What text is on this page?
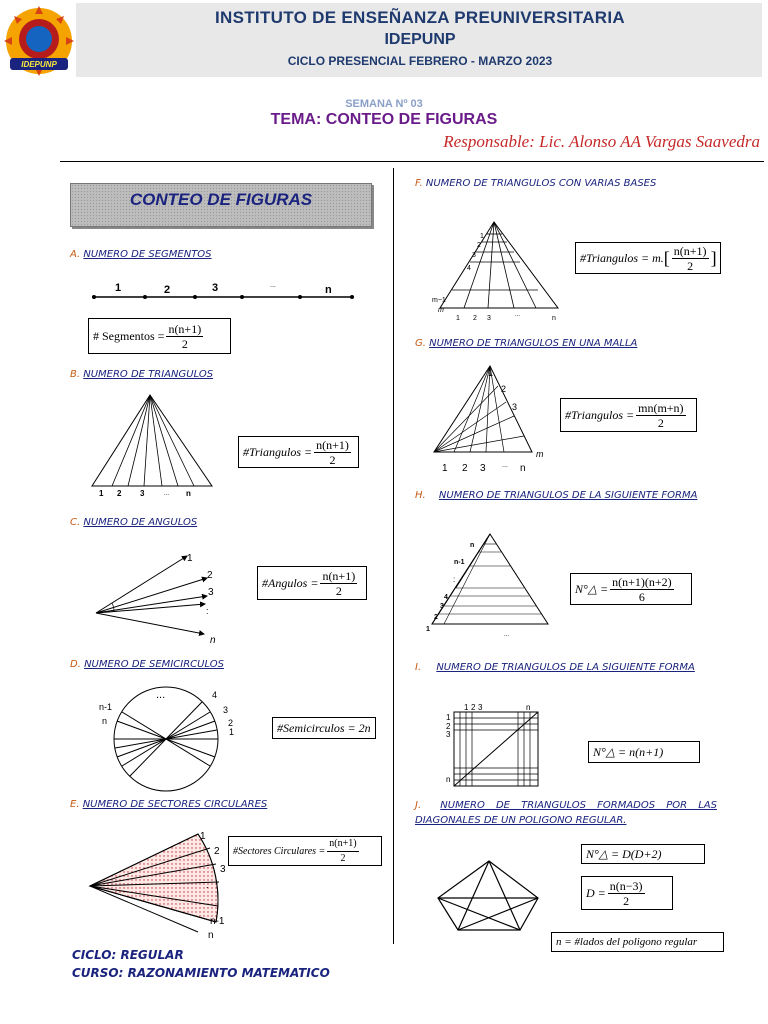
IDEPUNP
INSTITUTO DE ENSEÑANZA PREUNIVERSITARIA
IDEPUNP
CICLO PRESENCIAL FEBRERO - MARZO 2023
SEMANA Nº 03
TEMA: CONTEO DE FIGURAS
Responsable: Lic. Alonso AA Vargas Saavedra
CONTEO DE FIGURAS
A. NUMERO DE SEGMENTOS
1	2	3	...	n
# Segmentos = $\frac{n(n+1)}{2}$
B. NUMERO DE TRIANGULOS
1 2 3	... n
#Triangulos = $\frac{n(n+1)}{2}$
C. NUMERO DE ANGULOS
1
2
3
:
n
#Angulos = $\frac{n(n+1)}{2}$
D. NUMERO DE SEMICIRCULOS
n-1
n
...	4
3
2
1	#Semicirculos = 2n
E. NUMERO DE SECTORES CIRCULARES
1
2
3
.
n-1
n
#Sectores Circulares = $\frac{n(n+1)}{2}$
F. NUMERO DE TRIANGULOS CON VARIAS BASES
1
2
3
4
m−1
m
1 2 3	...	n
#Triangulos = m. [ $\frac{n(n+1)}{2}$ ]
G. NUMERO DE TRIANGULOS EN UNA MALLA
1
2
3
m
1 2 3 ... n
#Triangulos = $\frac{mn(m+n)}{2}$
H. NUMERO DE TRIANGULOS DE LA SIGUIENTE FORMA
n
n-1
:
4
3
2
1
...
N°△ = $\frac{n(n+1)(n+2)}{6}$
I. NUMERO DE TRIANGULOS DE LA SIGUIENTE FORMA
1 2 3	n
1
2
3
n
N°△ = n(n+1)
J. NUMERO DE TRIANGULOS FORMADOS POR LAS DIAGONALES DE UN POLIGONO REGULAR.
N°△ = D(D+2)
$D = \frac{n(n-3)}{2}$
n = #lados del poligono regular
CICLO: REGULAR
CURSO: RAZONAMIENTO MATEMATICO
